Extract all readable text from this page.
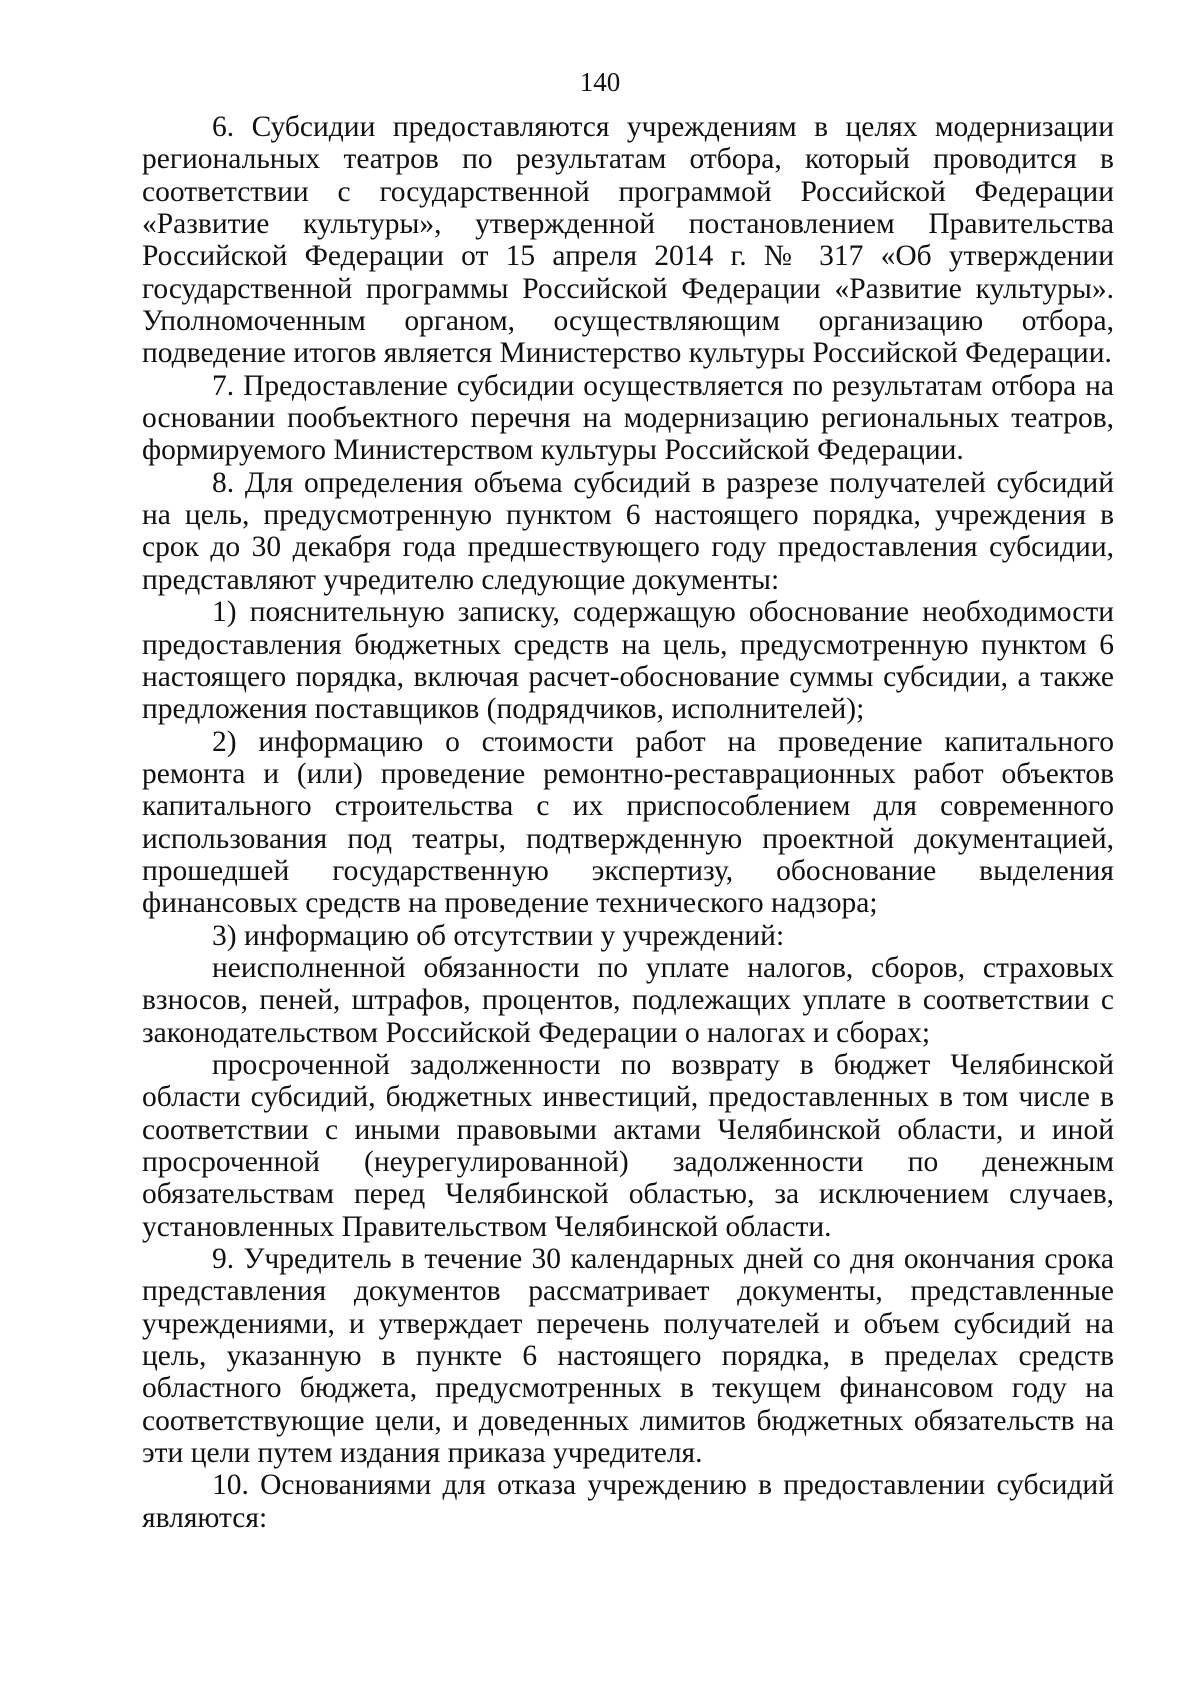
140

6. Субсидии предоставляются учреждениям в целях модернизации региональных театров по результатам отбора, который проводится в соответствии с государственной программой Российской Федерации «Развитие культуры», утвержденной постановлением Правительства Российской Федерации от 15 апреля 2014 г. № 317 «Об утверждении государственной программы Российской Федерации «Развитие культуры». Уполномоченным органом, осуществляющим организацию отбора, подведение итогов является Министерство культуры Российской Федерации.

7. Предоставление субсидии осуществляется по результатам отбора на основании пообъектного перечня на модернизацию региональных театров, формируемого Министерством культуры Российской Федерации.

8. Для определения объема субсидий в разрезе получателей субсидий на цель, предусмотренную пунктом 6 настоящего порядка, учреждения в срок до 30 декабря года предшествующего году предоставления субсидии, представляют учредителю следующие документы:

1) пояснительную записку, содержащую обоснование необходимости предоставления бюджетных средств на цель, предусмотренную пунктом 6 настоящего порядка, включая расчет-обоснование суммы субсидии, а также предложения поставщиков (подрядчиков, исполнителей);

2) информацию о стоимости работ на проведение капитального ремонта и (или) проведение ремонтно-реставрационных работ объектов капитального строительства с их приспособлением для современного использования под театры, подтвержденную проектной документацией, прошедшей государственную экспертизу, обоснование выделения финансовых средств на проведение технического надзора;

3) информацию об отсутствии у учреждений:

неисполненной обязанности по уплате налогов, сборов, страховых взносов, пеней, штрафов, процентов, подлежащих уплате в соответствии с законодательством Российской Федерации о налогах и сборах;

просроченной задолженности по возврату в бюджет Челябинской области субсидий, бюджетных инвестиций, предоставленных в том числе в соответствии с иными правовыми актами Челябинской области, и иной просроченной (неурегулированной) задолженности по денежным обязательствам перед Челябинской областью, за исключением случаев, установленных Правительством Челябинской области.

9. Учредитель в течение 30 календарных дней со дня окончания срока представления документов рассматривает документы, представленные учреждениями, и утверждает перечень получателей и объем субсидий на цель, указанную в пункте 6 настоящего порядка, в пределах средств областного бюджета, предусмотренных в текущем финансовом году на соответствующие цели, и доведенных лимитов бюджетных обязательств на эти цели путем издания приказа учредителя.

10. Основаниями для отказа учреждению в предоставлении субсидий являются:
